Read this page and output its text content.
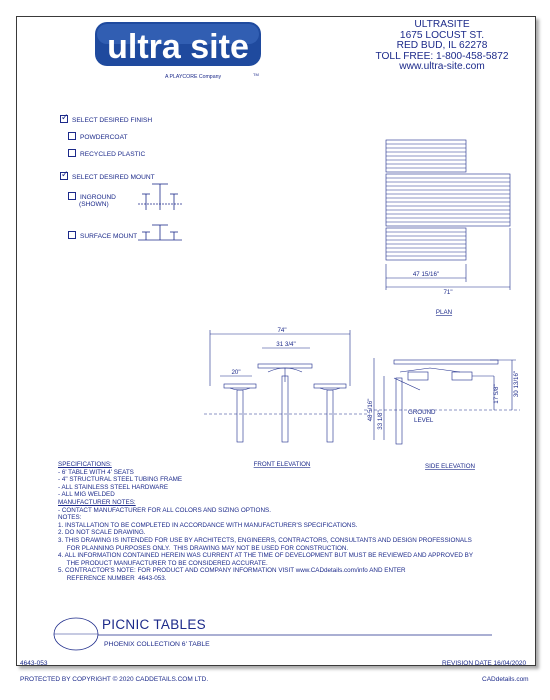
ultra site
TM
A PLAYCORE Company
ULTRASITE
1675 LOCUST ST.
RED BUD, IL 62278
TOLL FREE: 1-800-458-5872
www.ultra-site.com
✓ SELECT DESIRED FINISH
POWDERCOAT
RECYCLED PLASTIC
✓ SELECT DESIRED MOUNT
INGROUND
(SHOWN)
SURFACE MOUNT
47 15/16"
71"
PLAN
74"
31 3/4"
20"
FRONT ELEVATION
48 5/16" 33 1/8"	GROUND
LEVEL
17 5/8" 30 13/16"
SIDE ELEVATION
SPECIFICATIONS:
- 6' TABLE WITH 4' SEATS
- 4" STRUCTURAL STEEL TUBING FRAME
- ALL STAINLESS STEEL HARDWARE
- ALL MIG WELDED
MANUFACTURER NOTES:
- CONTACT MANUFACTURER FOR ALL COLORS AND SIZING OPTIONS.
NOTES:
1. INSTALLATION TO BE COMPLETED IN ACCORDANCE WITH MANUFACTURER'S SPECIFICATIONS.
2. DO NOT SCALE DRAWING.
3. THIS DRAWING IS INTENDED FOR USE BY ARCHITECTS, ENGINEERS, CONTRACTORS, CONSULTANTS AND DESIGN PROFESSIONALS
FOR PLANNING PURPOSES ONLY.  THIS DRAWING MAY NOT BE USED FOR CONSTRUCTION.
4. ALL INFORMATION CONTAINED HEREIN WAS CURRENT AT THE TIME OF DEVELOPMENT BUT MUST BE REVIEWED AND APPROVED BY
THE PRODUCT MANUFACTURER TO BE CONSIDERED ACCURATE.
5. CONTRACTOR'S NOTE: FOR PRODUCT AND COMPANY INFORMATION VISIT www.CADdetails.com/info AND ENTER
REFERENCE NUMBER  4643-053.
PICNIC TABLES
PHOENIX COLLECTION 6' TABLE
4643-053	REVISION DATE 16/04/2020
PROTECTED BY COPYRIGHT © 2020 CADDETAILS.COM LTD.	CADdetails.com
